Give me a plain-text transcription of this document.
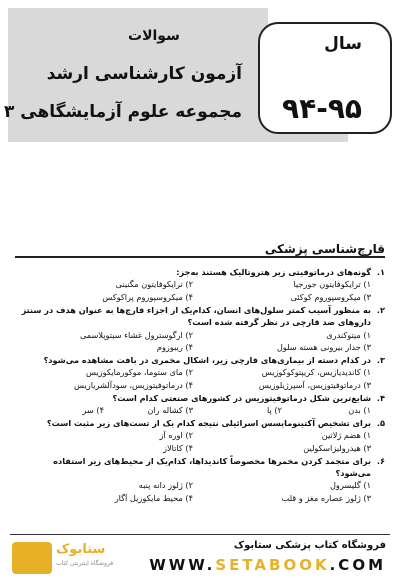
سال
۹۴-۹۵
سوالات
آزمون کارشناسی ارشد
مجموعه علوم آزمایشگاهی ۳
قارچ‌شناسی پزشکی
۱.
گونه‌های درماتوفیتی زیر هتروتالیک هستند به‌جز:
۱) ترایکوفایتون جورجیا
۲) ترایکوفایتون مگنینی
۳) میکروسپوروم کوکئی
۴) میکروسپوروم پراکوکس
۲.
به منظور آسیب کمتر سلول‌های انسان، کدام‌یک از اجزاء قارچ‌ها به عنوان هدف در سنتز داروهای ضد قارچی در نظر گرفته شده است؟
۱) میتوکندری
۲) ارگوسترول غشاء سیتوپلاسمی
۳) جدار بیرونی هسته سلول
۴) ریبوزوم
۳.
در کدام دسته از بیماری‌های قارچی زیر، اشکال مخمری در بافت مشاهده می‌شود؟
۱) کاندیدیازیس، کریپتوکوکوزیس
۲) مای ستوما، موکورمایکوزیس
۳) درماتوفیتوزیس، آسپرژیلوزیس
۴) درماتوفیتوزیس، سودآلشریازیس
۴.
شایع‌ترین شکل درماتوفیتوزیس در کشورهای صنعتی کدام است؟
۱) بدن
۲) پا
۳) کشاله ران
۴) سر
۵.
برای تشخیص آکتینومایسس اسرائیلی نتیجه کدام یک از تست‌های زیر مثبت است؟
۱) هضم ژلاتین
۲) اوره آز
۳) هیدرولیزاسکولین
۴) کاتالاز
۶.
برای متجمد کردن مخمرها مخصوصاً کاندیداها، کدام‌یک از محیط‌های زیر استفاده می‌شود؟
۱) گلیسرول
۲) ژلوز دانه پنبه
۳) ژلوز عصاره مغز و قلب
۴) محیط مایکوزیل آگار
ستابوک
فروشگاه اینترنتی کتاب
فروشگاه کتاب پزشکی ستابوک
WWW.SETABOOK.COM
